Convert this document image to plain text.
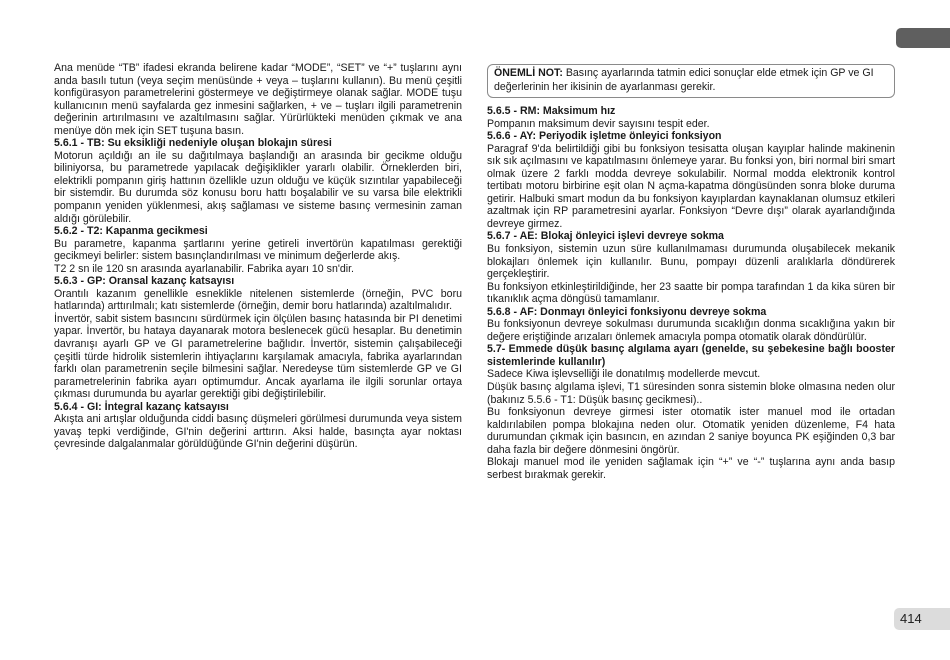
Ana menüde “TB” ifadesi ekranda belirene kadar “MODE”, “SET” ve “+” tuşlarını aynı anda basılı tutun (veya seçim menüsünde + veya – tuşlarını kullanın). Bu menü çeşitli konfigürasyon parametrelerini göstermeye ve değiştirmeye olanak sağlar. MODE tuşu kullanıcının menü sayfalarda gez inmesini sağlarken, + ve – tuşları ilgili parametrenin değerinin artırılmasını ve azaltılmasını sağlar. Yürürlükteki menüden çıkmak ve ana menüye dön mek için SET tuşuna basın.

5.6.1 - TB: Su eksikliği nedeniyle oluşan blokajın süresi

Motorun açıldığı an ile su dağıtılmaya başlandığı an arasında bir gecikme olduğu biliniyorsa, bu parametrede yapılacak değişiklikler yararlı olabilir. Örneklerden biri, elektrikli pompanın giriş hattının özellikle uzun olduğu ve küçük sızıntılar yapabileceği bir sistemdir. Bu durumda söz konusu boru hattı boşalabilir ve su varsa bile elektrikli pompanın yeniden yüklenmesi, akış sağlaması ve sisteme basınç vermesinin zaman aldığı görülebilir.

5.6.2 - T2: Kapanma gecikmesi

Bu parametre, kapanma şartlarını yerine getireli invertörün kapatılması gerektiği gecikmeyi belirler: sistem basınçlandırılması ve minimum değerlerde akış.

T2 2 sn ile 120 sn arasında ayarlanabilir. Fabrika ayarı 10 sn'dir.

5.6.3 - GP: Oransal kazanç katsayısı

Orantılı kazanım genellikle esneklikle nitelenen sistemlerde (örneğin, PVC boru hatlarında) arttırılmalı; katı sistemlerde (örneğin, demir boru hatlarında) azaltılmalıdır.

İnvertör, sabit sistem basıncını sürdürmek için ölçülen basınç hatasında bir PI denetimi yapar. İnvertör, bu hataya dayanarak motora beslenecek gücü hesaplar. Bu denetimin davranışı ayarlı GP ve GI parametrelerine bağlıdır. İnvertör, sistemin çalışabileceği çeşitli türde hidrolik sistemlerin ihtiyaçlarını karşılamak amacıyla, fabrika ayarlarından farklı olan parametrenin seçile bilmesini sağlar. Neredeyse tüm sistemlerde GP ve GI parametrelerinin fabrika ayarı optimumdur. Ancak ayarlama ile ilgili sorunlar ortaya çıkması durumunda bu ayarlar gerektiği gibi değiştirilebilir.

5.6.4 - GI: İntegral kazanç katsayısı

Akışta ani artışlar olduğunda ciddi basınç düşmeleri görülmesi durumunda veya sistem yavaş tepki verdiğinde, GI'nin değerini arttırın. Aksi halde, basınçta ayar noktası çevresinde dalgalanmalar görüldüğünde GI'nin değerini düşürün.

ÖNEMLİ NOT: Basınç ayarlarında tatmin edici sonuçlar elde etmek için GP ve GI değerlerinin her ikisinin de ayarlanması gerekir.

5.6.5 - RM: Maksimum hız

Pompanın maksimum devir sayısını tespit eder.

5.6.6 - AY: Periyodik işletme önleyici fonksiyon

Paragraf 9'da belirtildiği gibi bu fonksiyon tesisatta oluşan kayıplar halinde makinenin sık sık açılmasını ve kapatılmasını önlemeye yarar. Bu fonksi yon, biri normal biri smart olmak üzere 2 farklı modda devreye sokulabilir. Normal modda elektronik kontrol tertibatı motoru birbirine eşit olan N açma-kapatma döngüsünden sonra bloke duruma getirir. Halbuki smart modun da bu fonksiyon kayıplardan kaynaklanan olumsuz etkileri azaltmak için RP parametresini ayarlar. Fonksiyon “Devre dışı” olarak ayarlandığında devreye girmez.

5.6.7 - AE: Blokaj önleyici işlevi devreye sokma

Bu fonksiyon, sistemin uzun süre kullanılmaması durumunda oluşabilecek mekanik blokajları önlemek için kullanılır. Bunu, pompayı düzenli aralıklarla döndürerek gerçekleştirir.

Bu fonksiyon etkinleştirildiğinde, her 23 saatte bir pompa tarafından 1 da kika süren bir tıkanıklık açma döngüsü tamamlanır.

5.6.8 - AF: Donmayı önleyici fonksiyonu devreye sokma

Bu fonksiyonun devreye sokulması durumunda sıcaklığın donma sıcaklığına yakın bir değere eriştiğinde arızaları önlemek amacıyla pompa otomatik olarak döndürülür.

5.7- Emmede düşük basınç algılama ayarı (genelde, su şebekesine bağlı booster sistemlerinde kullanılır)

Sadece Kiwa işlevselliği ile donatılmış modellerde mevcut.

Düşük basınç algılama işlevi, T1 süresinden sonra sistemin bloke olmasına neden olur (bakınız 5.5.6 - T1: Düşük basınç gecikmesi)..

Bu fonksiyonun devreye girmesi ister otomatik ister manuel mod ile ortadan kaldırılabilen pompa blokajına neden olur. Otomatik yeniden düzenleme, F4 hata durumundan çıkmak için basıncın, en azından 2 saniye boyunca PK eşiğinden 0,3 bar daha fazla bir değere dönmesini öngörür.

Blokajı manuel mod ile yeniden sağlamak için “+” ve “-” tuşlarına aynı anda basıp serbest bırakmak gerekir.

414
